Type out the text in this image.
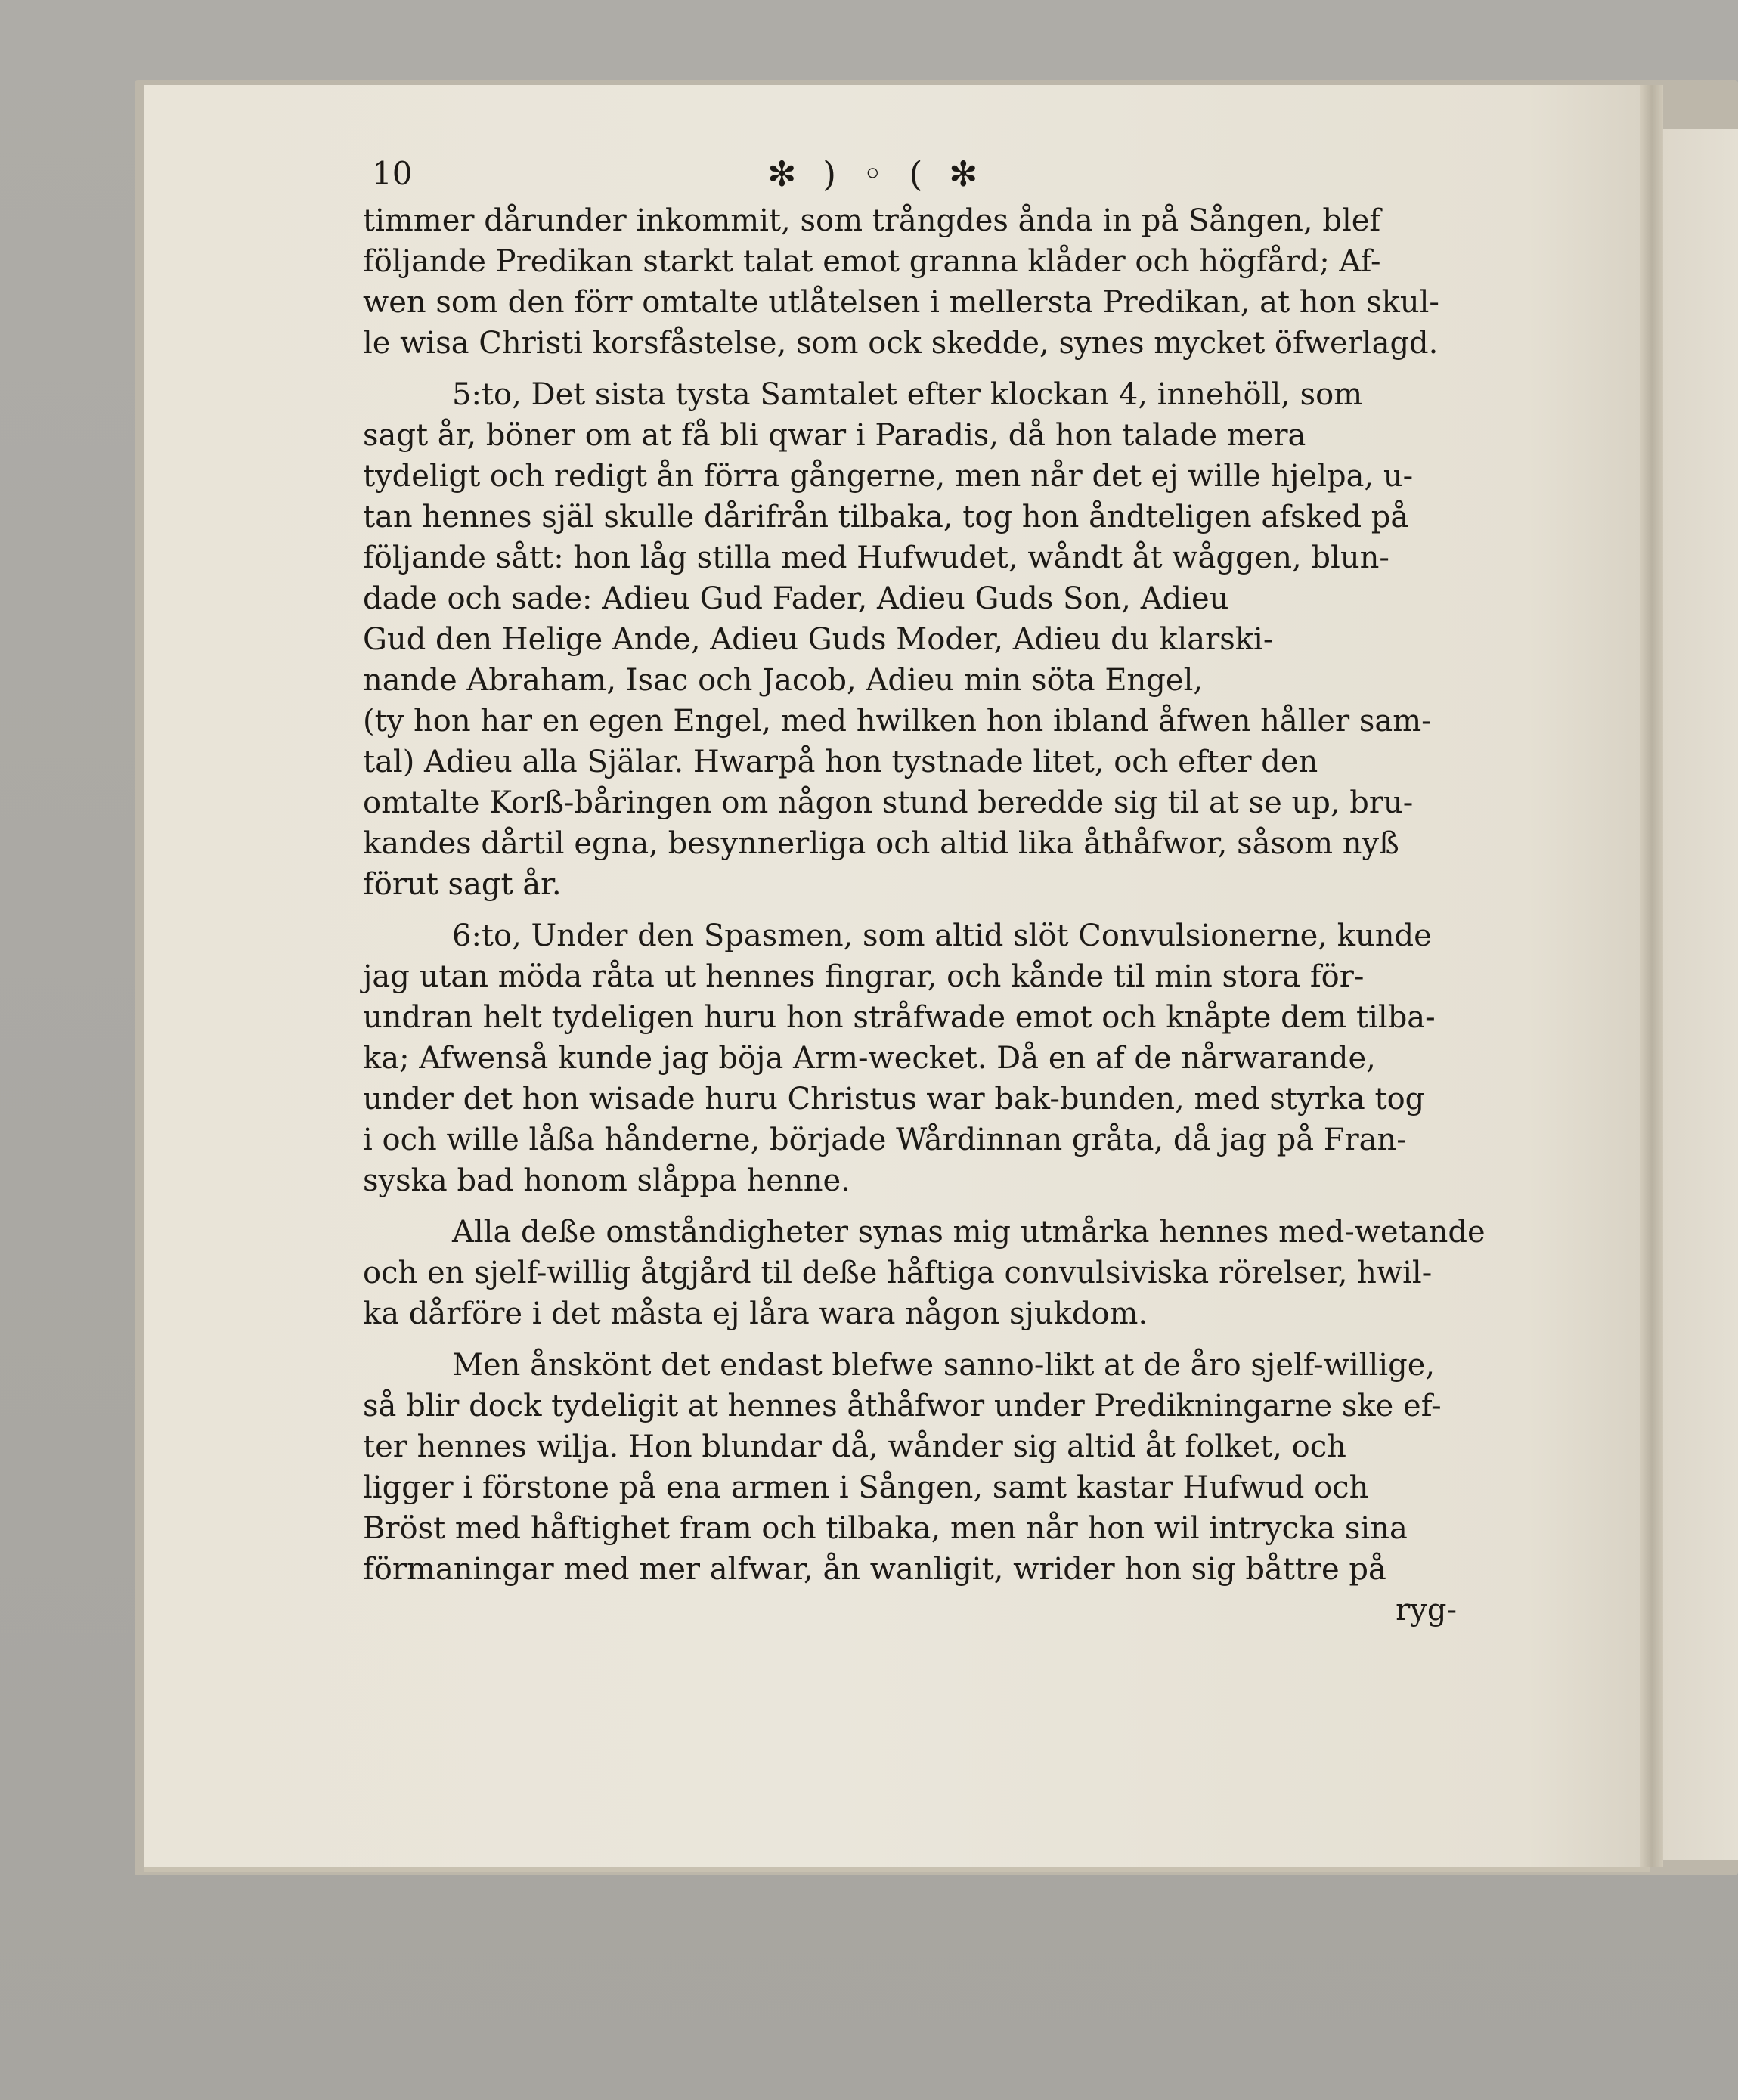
10	✻ ) ◦ ( ✻
timmer dårunder inkommit, som trångdes ånda in på Sången, blef
följande Predikan starkt talat emot granna klåder och högfård; Af-
wen som den förr omtalte utlåtelsen i mellersta Predikan, at hon skul-
le wisa Christi korsfåstelse, som ock skedde, synes mycket öfwerlagd.
5:to, Det sista tysta Samtalet efter klockan 4, innehöll, som
sagt år, böner om at få bli qwar i Paradis, då hon talade mera
tydeligt och redigt ån förra gångerne, men når det ej wille hjelpa, u-
tan hennes själ skulle dårifrån tilbaka, tog hon åndteligen afsked på
följande sått: hon låg stilla med Hufwudet, wåndt åt wåggen, blun-
dade och sade: Adieu Gud Fader, Adieu Guds Son, Adieu
Gud den Helige Ande, Adieu Guds Moder, Adieu du klarski-
nande Abraham, Isac och Jacob, Adieu min söta Engel,
(ty hon har en egen Engel, med hwilken hon ibland åfwen håller sam-
tal) Adieu alla Själar. Hwarpå hon tystnade litet, och efter den
omtalte Korß-båringen om någon stund beredde sig til at se up, bru-
kandes dårtil egna, besynnerliga och altid lika åthåfwor, såsom nyß
förut sagt år.
6:to, Under den Spasmen, som altid slöt Convulsionerne, kunde
jag utan möda råta ut hennes fingrar, och kånde til min stora för-
undran helt tydeligen huru hon stråfwade emot och knåpte dem tilba-
ka; Afwenså kunde jag böja Arm-wecket. Då en af de nårwarande,
under det hon wisade huru Christus war bak-bunden, med styrka tog
i och wille låßa hånderne, började Wårdinnan gråta, då jag på Fran-
syska bad honom slåppa henne.
Alla deße omståndigheter synas mig utmårka hennes med-wetande
och en sjelf-willig åtgjård til deße håftiga convulsiviska rörelser, hwil-
ka dårföre i det måsta ej låra wara någon sjukdom.
Men ånskönt det endast blefwe sanno-likt at de åro sjelf-willige,
så blir dock tydeligit at hennes åthåfwor under Predikningarne ske ef-
ter hennes wilja. Hon blundar då, wånder sig altid åt folket, och
ligger i förstone på ena armen i Sången, samt kastar Hufwud och
Bröst med håftighet fram och tilbaka, men når hon wil intrycka sina
förmaningar med mer alfwar, ån wanligit, wrider hon sig båttre på
ryg-
